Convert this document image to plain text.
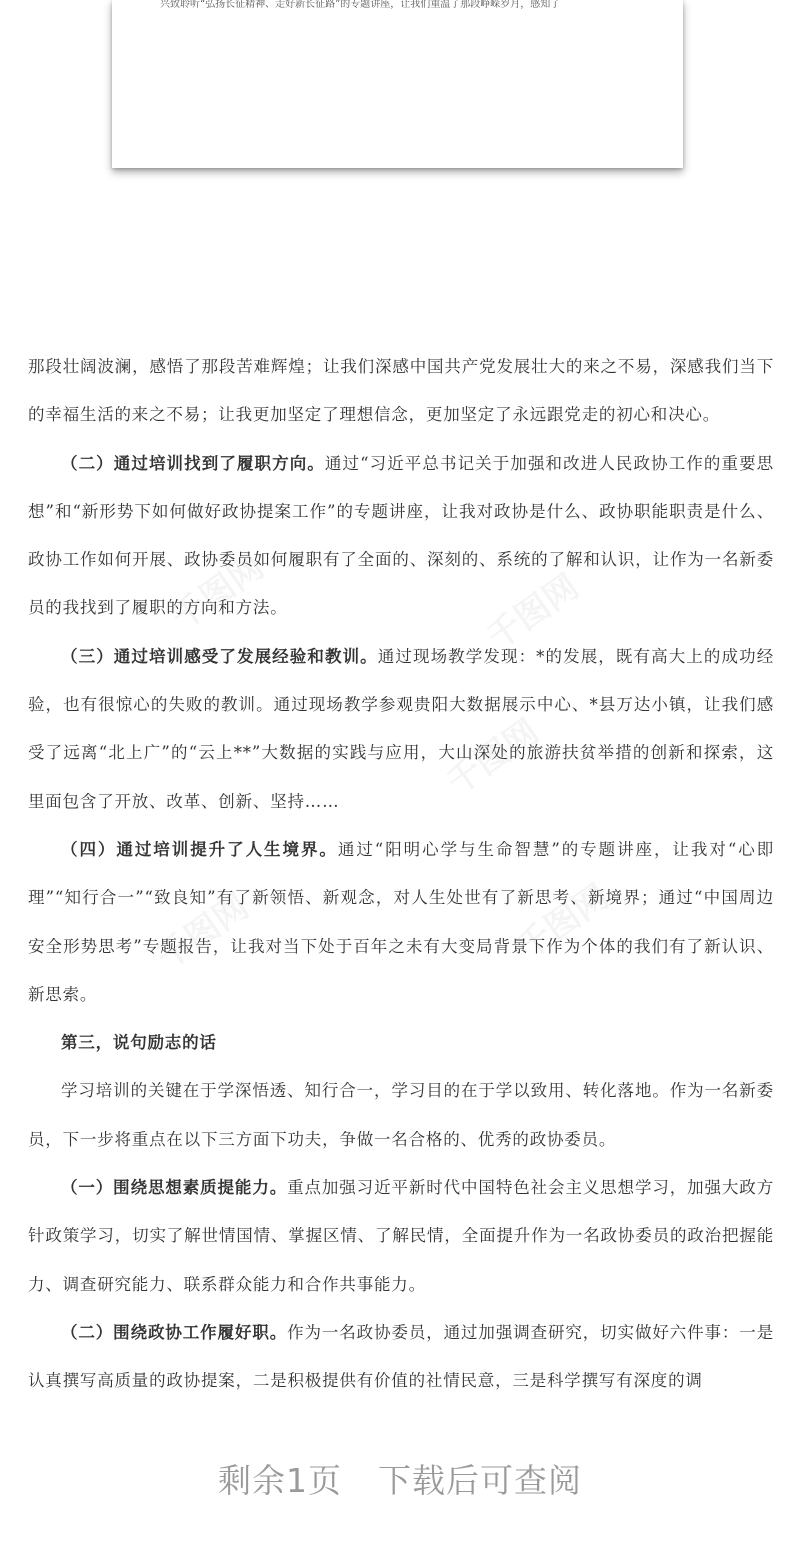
兴致聆听“弘扬长征精神、走好新长征路”的专题讲座，让我们重温了那段峥嵘岁月，感知了

那段壮阔波澜，感悟了那段苦难辉煌；让我们深感中国共产党发展壮大的来之不易，深感我们当下的幸福生活的来之不易；让我更加坚定了理想信念，更加坚定了永远跟党走的初心和决心。

（二）通过培训找到了履职方向。通过“习近平总书记关于加强和改进人民政协工作的重要思想”和“新形势下如何做好政协提案工作”的专题讲座，让我对政协是什么、政协职能职责是什么、政协工作如何开展、政协委员如何履职有了全面的、深刻的、系统的了解和认识，让作为一名新委员的我找到了履职的方向和方法。

（三）通过培训感受了发展经验和教训。通过现场教学发现：*的发展，既有高大上的成功经验，也有很惊心的失败的教训。通过现场教学参观贵阳大数据展示中心、*县万达小镇，让我们感受了远离“北上广”的“云上**”大数据的实践与应用，大山深处的旅游扶贫举措的创新和探索，这里面包含了开放、改革、创新、坚持……

（四）通过培训提升了人生境界。通过“阳明心学与生命智慧”的专题讲座，让我对“心即理”“知行合一”“致良知”有了新领悟、新观念，对人生处世有了新思考、新境界；通过“中国周边安全形势思考”专题报告，让我对当下处于百年之未有大变局背景下作为个体的我们有了新认识、新思索。

第三，说句励志的话

学习培训的关键在于学深悟透、知行合一，学习目的在于学以致用、转化落地。作为一名新委员，下一步将重点在以下三方面下功夫，争做一名合格的、优秀的政协委员。

（一）围绕思想素质提能力。重点加强习近平新时代中国特色社会主义思想学习，加强大政方针政策学习，切实了解世情国情、掌握区情、了解民情，全面提升作为一名政协委员的政治把握能力、调查研究能力、联系群众能力和合作共事能力。

（二）围绕政协工作履好职。作为一名政协委员，通过加强调查研究，切实做好六件事：一是认真撰写高质量的政协提案，二是积极提供有价值的社情民意，三是科学撰写有深度的调

剩余1页 下载后可查阅
